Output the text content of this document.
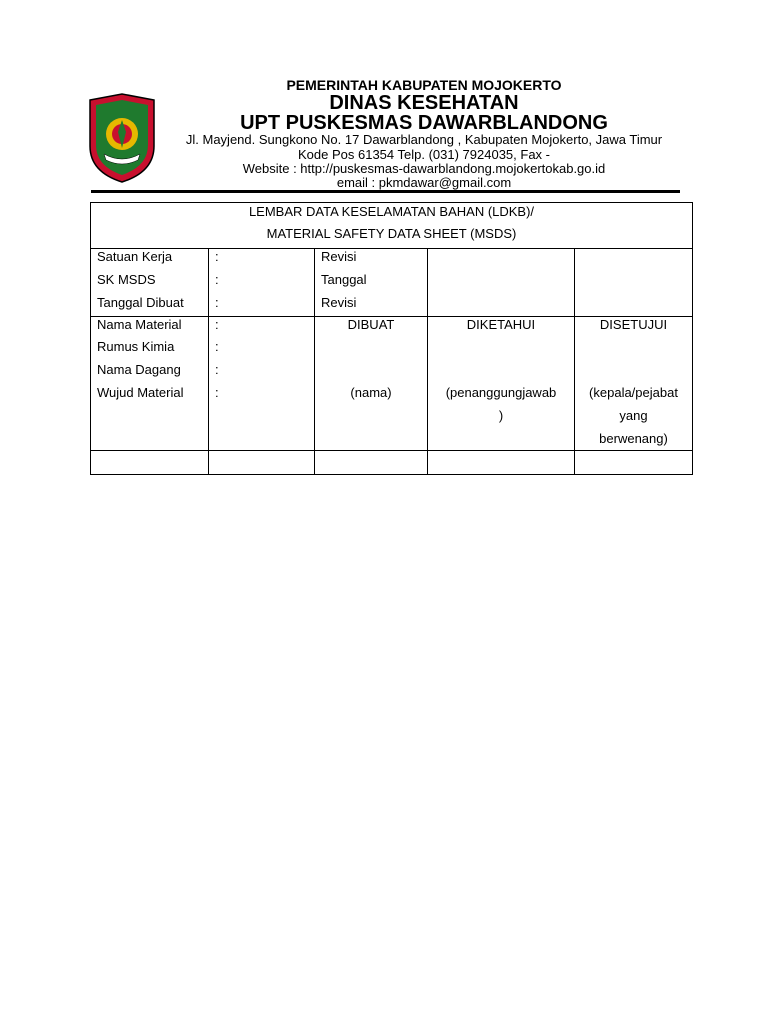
PEMERINTAH KABUPATEN MOJOKERTO
DINAS KESEHATAN
UPT PUSKESMAS DAWARBLANDONG
Jl. Mayjend. Sungkono No. 17 Dawarblandong , Kabupaten Mojokerto, Jawa Timur
Kode Pos 61354 Telp. (031) 7924035, Fax -
Website : http://puskesmas-dawarblandong.mojokertokab.go.id
email : pkmdawar@gmail.com
LEMBAR DATA KESELAMATAN BAHAN (LDKB)/
MATERIAL SAFETY DATA SHEET (MSDS)
Satuan Kerja
SK MSDS
Tanggal Dibuat
:
:
:
Revisi
Tanggal
Revisi
Nama Material
Rumus Kimia
Nama Dagang
Wujud Material
:
:
:
:
DIBUAT
(nama)
DIKETAHUI
(penanggungjawab
)
DISETUJUI
(kepala/pejabat
yang
berwenang)
